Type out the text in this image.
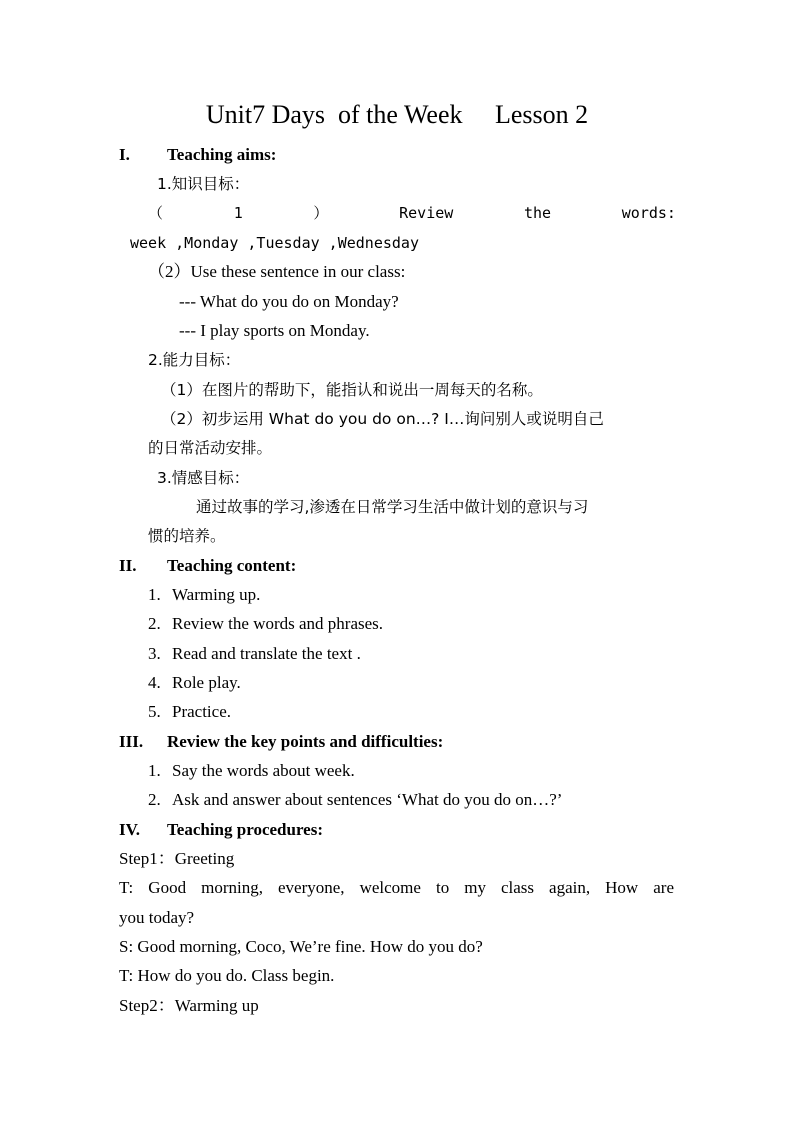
Unit7 Days  of the Week     Lesson 2
I. Teaching aims:
1.知识目标：
（	1	）	Review	the	words:
week ,Monday ,Tuesday ,Wednesday
（2）Use these sentence in our class:
--- What do you do on Monday?
--- I play sports on Monday.
2.能力目标：
（1）在图片的帮助下，能指认和说出一周每天的名称。
（2）初步运用 What do you do on…? I…询问别人或说明自己
的日常活动安排。
3.情感目标：
通过故事的学习,渗透在日常学习生活中做计划的意识与习
惯的培养。
II. Teaching content:
1. Warming up.
2. Review the words and phrases.
3. Read and translate the text .
4. Role play.
5. Practice.
III. Review the key points and difficulties:
1. Say the words about week.
2. Ask and answer about sentences ‘What do you do on…?’
IV. Teaching procedures:
Step1：Greeting
T: Good morning, everyone, welcome to my class again, How are
you today?
S: Good morning, Coco, We’re fine. How do you do?
T: How do you do. Class begin.
Step2：Warming up
